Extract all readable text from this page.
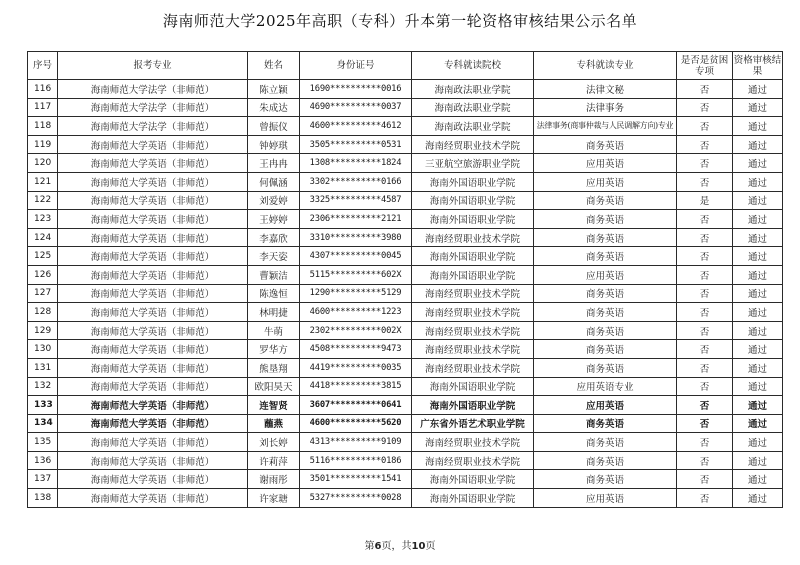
海南师范大学2025年高职（专科）升本第一轮资格审核结果公示名单
序号	报考专业	姓名	身份证号	专科就读院校	专科就读专业	是否是贫困专项	资格审核结果
116	海南师范大学法学（非师范）	陈立颖	1690**********0016	海南政法职业学院	法律文秘	否	通过
117	海南师范大学法学（非师范）	朱成达	4690**********0037	海南政法职业学院	法律事务	否	通过
118	海南师范大学法学（非师范）	曾振仪	4600**********4612	海南政法职业学院	法律事务(商事仲裁与人民调解方向)专业	否	通过
119	海南师范大学英语（非师范）	钟婷琪	3505**********0531	海南经贸职业技术学院	商务英语	否	通过
120	海南师范大学英语（非师范）	王冉冉	1308**********1824	三亚航空旅游职业学院	应用英语	否	通过
121	海南师范大学英语（非师范）	何佩涵	3302**********0166	海南外国语职业学院	应用英语	否	通过
122	海南师范大学英语（非师范）	刘爱婷	3325**********4587	海南外国语职业学院	商务英语	是	通过
123	海南师范大学英语（非师范）	王婷婷	2306**********2121	海南外国语职业学院	商务英语	否	通过
124	海南师范大学英语（非师范）	李嘉欣	3310**********3980	海南经贸职业技术学院	商务英语	否	通过
125	海南师范大学英语（非师范）	李天姿	4307**********0045	海南外国语职业学院	商务英语	否	通过
126	海南师范大学英语（非师范）	曹颖洁	5115**********602X	海南外国语职业学院	应用英语	否	通过
127	海南师范大学英语（非师范）	陈逸恒	1290**********5129	海南经贸职业技术学院	商务英语	否	通过
128	海南师范大学英语（非师范）	林明捷	4600**********1223	海南经贸职业技术学院	商务英语	否	通过
129	海南师范大学英语（非师范）	牛萌	2302**********002X	海南经贸职业技术学院	商务英语	否	通过
130	海南师范大学英语（非师范）	罗华方	4508**********9473	海南经贸职业技术学院	商务英语	否	通过
131	海南师范大学英语（非师范）	熊垦翔	4419**********0035	海南经贸职业技术学院	商务英语	否	通过
132	海南师范大学英语（非师范）	欧阳昊天	4418**********3815	海南外国语职业学院	应用英语专业	否	通过
133	海南师范大学英语（非师范）	连智贤	3607**********0641	海南外国语职业学院	应用英语	否	通过
134	海南师范大学英语（非师范）	蘸燕	4600**********5620	广东省外语艺术职业学院	商务英语	否	通过
135	海南师范大学英语（非师范）	刘长婷	4313**********9109	海南经贸职业技术学院	商务英语	否	通过
136	海南师范大学英语（非师范）	许莉萍	5116**********0186	海南经贸职业技术学院	商务英语	否	通过
137	海南师范大学英语（非师范）	谢雨彤	3501**********1541	海南外国语职业学院	商务英语	否	通过
138	海南师范大学英语（非师范）	许家瑭	5327**********0028	海南外国语职业学院	应用英语	否	通过
第6页，共10页
